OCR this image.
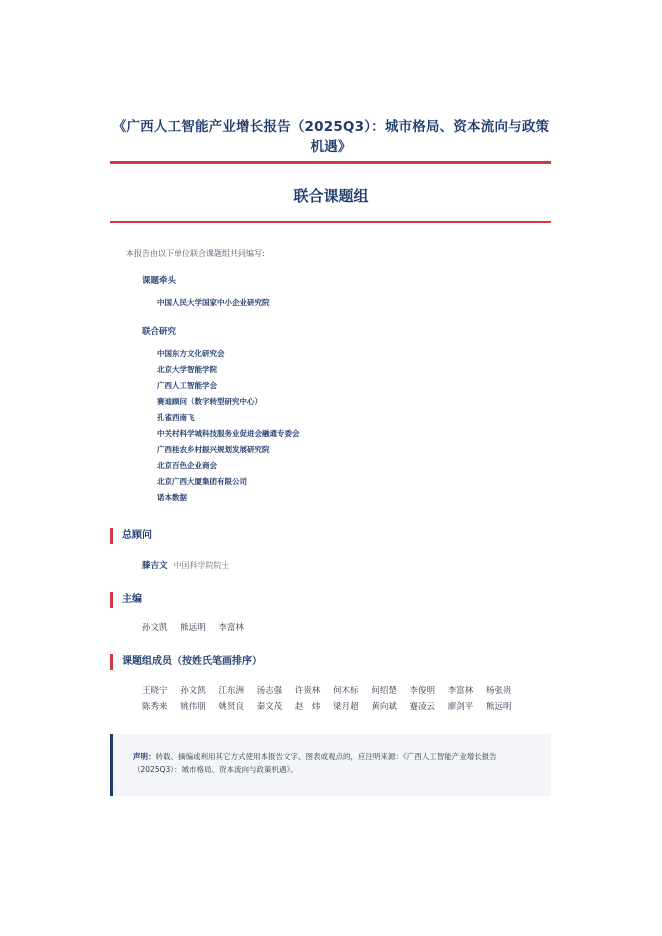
《广西人工智能产业增长报告（2025Q3）：城市格局、资本流向与政策
机遇》
联合课题组
本报告由以下单位联合课题组共同编写:
课题牵头
中国人民大学国家中小企业研究院
联合研究
中国东方文化研究会
北京大学智能学院
广西人工智能学会
赛迪顾问（数字转型研究中心）
孔雀西南飞
中关村科学城科技服务业促进会融通专委会
广西桂农乡村振兴规划发展研究院
北京百色企业商会
北京广西大厦集团有限公司
诺本数据
总顾问
滕吉文 中国科学院院士
主编
孙文凯 熊远明 李富林
课题组成员（按姓氏笔画排序）
王晓宁 孙文凯 江东洲 汤志强 许贵林 何木标 何绍楚 李俊明 李富林 杨张贵
陈秀来 姚伟朋 姚贤良 秦文茂 赵　炜 梁月超 黄向斌 蹇凌云 廖剑平 熊远明
声明：转载、摘编或利用其它方式使用本报告文字、图表或观点的，应注明来源：《广西人工智能产业增长报告（2025Q3）：城市格局、资本流向与政策机遇》。
